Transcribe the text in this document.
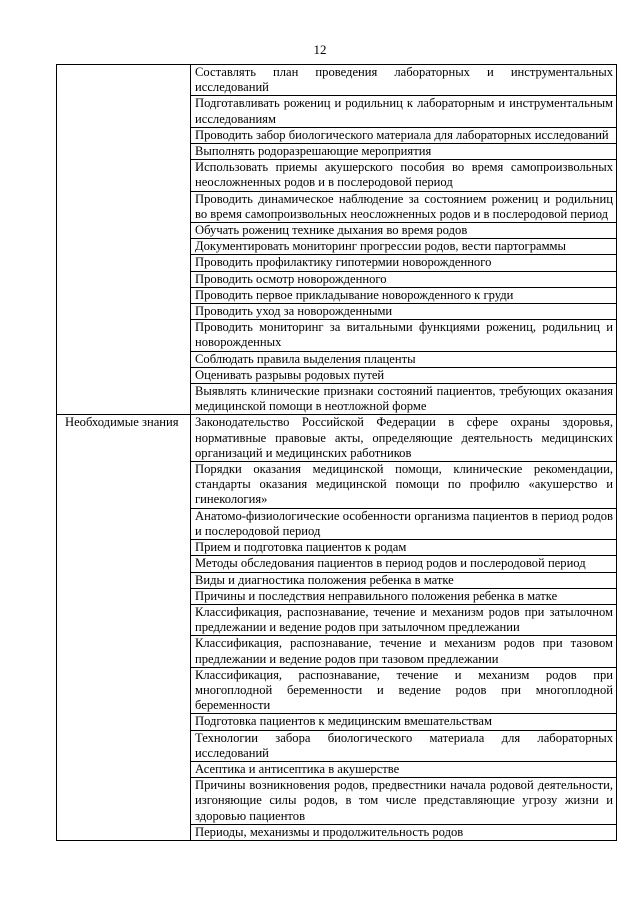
12
	Составлять план проведения лабораторных и инструментальных исследований
	Подготавливать рожениц и родильниц к лабораторным и инструментальным исследованиям
	Проводить забор биологического материала для лабораторных исследований
	Выполнять родоразрешающие мероприятия
	Использовать приемы акушерского пособия во время самопроизвольных неосложненных родов и в послеродовой период
	Проводить динамическое наблюдение за состоянием рожениц и родильниц во время самопроизвольных неосложненных родов и в послеродовой период
	Обучать рожениц технике дыхания во время родов
	Документировать мониторинг прогрессии родов, вести партограммы
	Проводить профилактику гипотермии новорожденного
	Проводить осмотр новорожденного
	Проводить первое прикладывание новорожденного к груди
	Проводить уход за новорожденными
	Проводить мониторинг за витальными функциями рожениц, родильниц и новорожденных
	Соблюдать правила выделения плаценты
	Оценивать разрывы родовых путей
	Выявлять клинические признаки состояний пациентов, требующих оказания медицинской помощи в неотложной форме

Необходимые знания	Законодательство Российской Федерации в сфере охраны здоровья, нормативные правовые акты, определяющие деятельность медицинских организаций и медицинских работников
	Порядки оказания медицинской помощи, клинические рекомендации, стандарты оказания медицинской помощи по профилю «акушерство и гинекология»
	Анатомо-физиологические особенности организма пациентов в период родов и послеродовой период
	Прием и подготовка пациентов к родам
	Методы обследования пациентов в период родов и послеродовой период
	Виды и диагностика положения ребенка в матке
	Причины и последствия неправильного положения ребенка в матке
	Классификация, распознавание, течение и механизм родов при затылочном предлежании и ведение родов при затылочном предлежании
	Классификация, распознавание, течение и механизм родов при тазовом предлежании и ведение родов при тазовом предлежании
	Классификация, распознавание, течение и механизм родов при многоплодной беременности и ведение родов при многоплодной беременности
	Подготовка пациентов к медицинским вмешательствам
	Технологии забора биологического материала для лабораторных исследований
	Асептика и антисептика в акушерстве
	Причины возникновения родов, предвестники начала родовой деятельности, изгоняющие силы родов, в том числе представляющие угрозу жизни и здоровью пациентов
	Периоды, механизмы и продолжительность родов
